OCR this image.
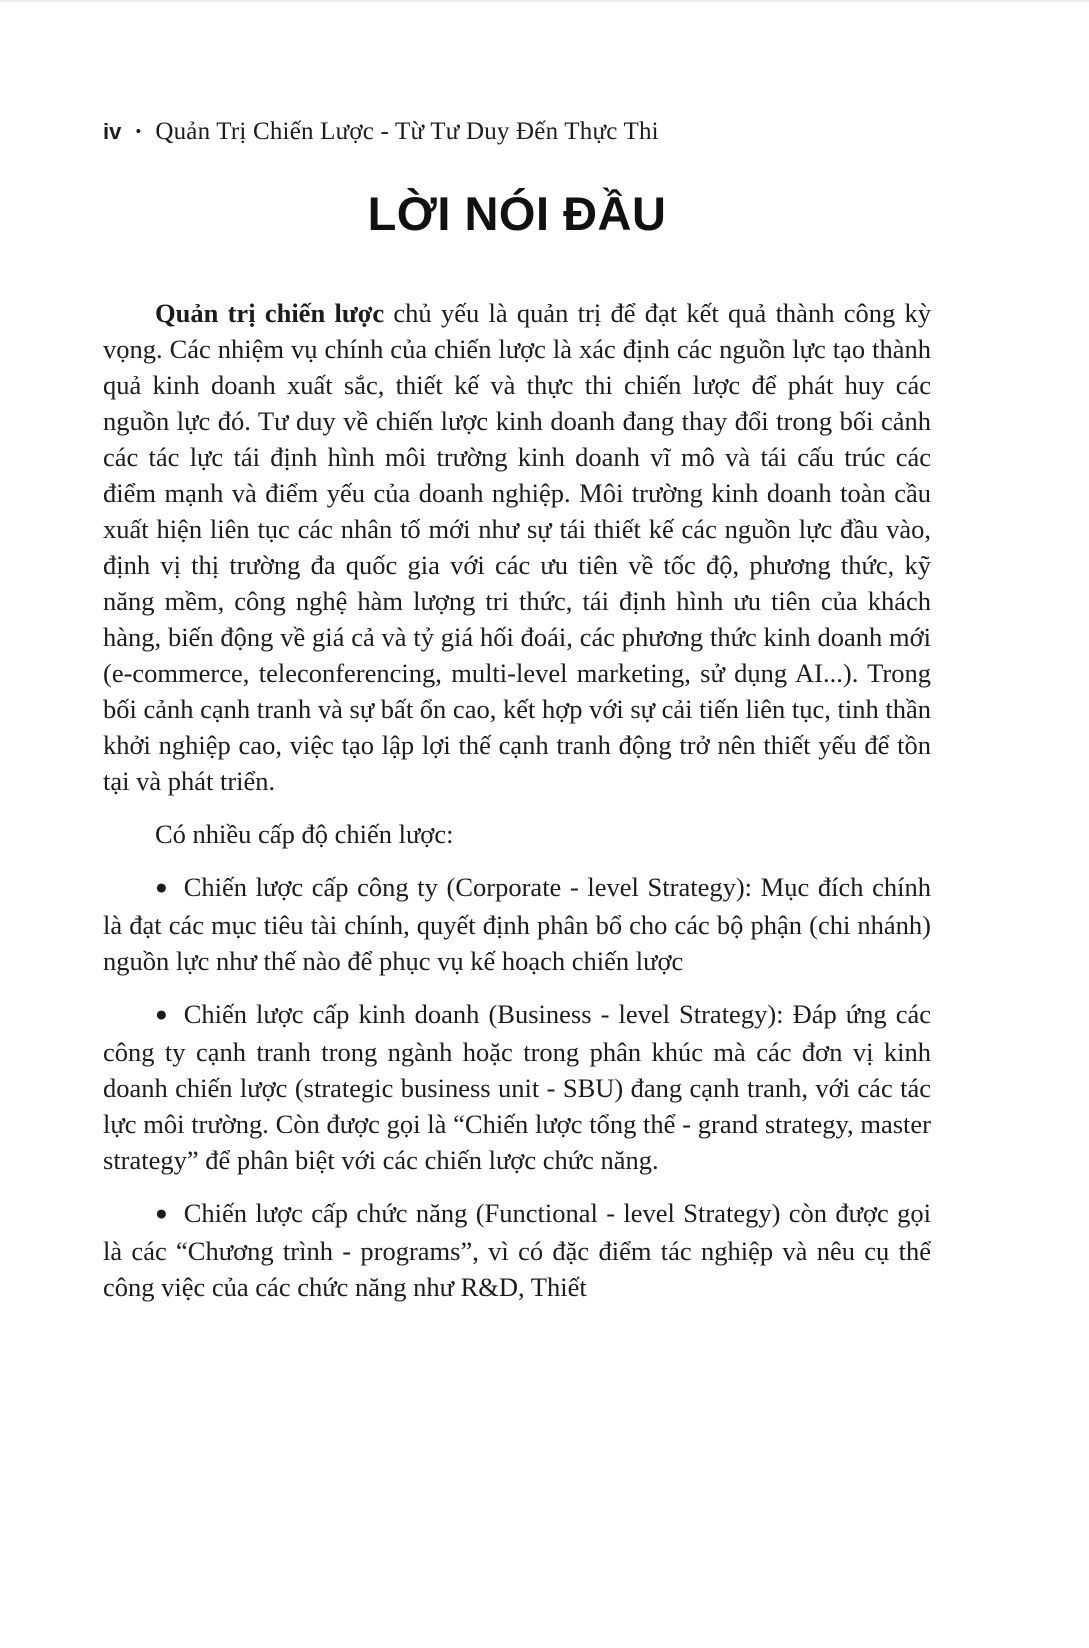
iv • Quản Trị Chiến Lược - Từ Tư Duy Đến Thực Thi
LỜI NÓI ĐẦU

Quản trị chiến lược chủ yếu là quản trị để đạt kết quả thành công kỳ vọng. Các nhiệm vụ chính của chiến lược là xác định các nguồn lực tạo thành quả kinh doanh xuất sắc, thiết kế và thực thi chiến lược để phát huy các nguồn lực đó. Tư duy về chiến lược kinh doanh đang thay đổi trong bối cảnh các tác lực tái định hình môi trường kinh doanh vĩ mô và tái cấu trúc các điểm mạnh và điểm yếu của doanh nghiệp. Môi trường kinh doanh toàn cầu xuất hiện liên tục các nhân tố mới như sự tái thiết kế các nguồn lực đầu vào, định vị thị trường đa quốc gia với các ưu tiên về tốc độ, phương thức, kỹ năng mềm, công nghệ hàm lượng tri thức, tái định hình ưu tiên của khách hàng, biến động về giá cả và tỷ giá hối đoái, các phương thức kinh doanh mới (e-commerce, teleconferencing, multi-level marketing, sử dụng AI...). Trong bối cảnh cạnh tranh và sự bất ổn cao, kết hợp với sự cải tiến liên tục, tinh thần khởi nghiệp cao, việc tạo lập lợi thế cạnh tranh động trở nên thiết yếu để tồn tại và phát triển.

Có nhiều cấp độ chiến lược:

● Chiến lược cấp công ty (Corporate - level Strategy): Mục đích chính là đạt các mục tiêu tài chính, quyết định phân bổ cho các bộ phận (chi nhánh) nguồn lực như thế nào để phục vụ kế hoạch chiến lược

● Chiến lược cấp kinh doanh (Business - level Strategy): Đáp ứng các công ty cạnh tranh trong ngành hoặc trong phân khúc mà các đơn vị kinh doanh chiến lược (strategic business unit - SBU) đang cạnh tranh, với các tác lực môi trường. Còn được gọi là “Chiến lược tổng thể - grand strategy, master strategy” để phân biệt với các chiến lược chức năng.

● Chiến lược cấp chức năng (Functional - level Strategy) còn được gọi là các “Chương trình - programs”, vì có đặc điểm tác nghiệp và nêu cụ thể công việc của các chức năng như R&D, Thiết
